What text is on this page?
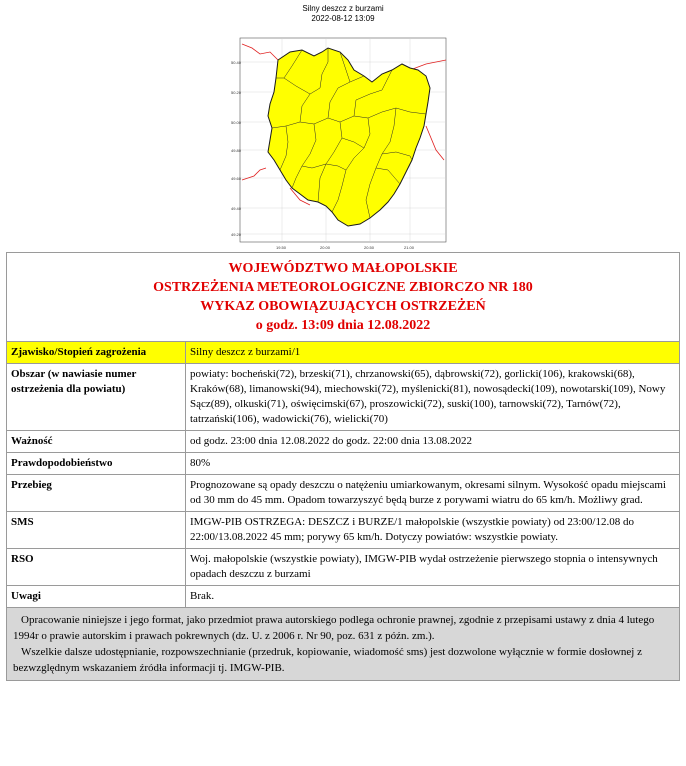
Silny deszcz z burzami
2022-08-12 13:09
50.40
50.20
50.00
49.80
49.60
49.40
49.20
19.50	20.00	20.50	21.00
WOJEWÓDZTWO MAŁOPOLSKIE
OSTRZEŻENIA METEOROLOGICZNE ZBIORCZO NR 180
WYKAZ OBOWIĄZUJĄCYCH OSTRZEŻEŃ
o godz. 13:09 dnia 12.08.2022	

Zjawisko/Stopień zagrożenia	Silny deszcz z burzami/1
Obszar (w nawiasie numer ostrzeżenia dla powiatu)	powiaty: bocheński(72), brzeski(71), chrzanowski(65), dąbrowski(72), gorlicki(106), krakowski(68), Kraków(68), limanowski(94), miechowski(72), myślenicki(81), nowosądecki(109), nowotarski(109), Nowy Sącz(89), olkuski(71), oświęcimski(67), proszowicki(72), suski(100), tarnowski(72), Tarnów(72), tatrzański(106), wadowicki(76), wielicki(70)
Ważność	od godz. 23:00 dnia 12.08.2022 do godz. 22:00 dnia 13.08.2022
Prawdopodobieństwo	80%
Przebieg	Prognozowane są opady deszczu o natężeniu umiarkowanym, okresami silnym. Wysokość opadu miejscami od 30 mm do 45 mm. Opadom towarzyszyć będą burze z porywami wiatru do 65 km/h. Możliwy grad.
SMS	IMGW-PIB OSTRZEGA: DESZCZ i BURZE/1 małopolskie (wszystkie powiaty) od 23:00/12.08 do 22:00/13.08.2022 45 mm; porywy 65 km/h. Dotyczy powiatów: wszystkie powiaty.
RSO	Woj. małopolskie (wszystkie powiaty), IMGW-PIB wydał ostrzeżenie pierwszego stopnia o intensywnych opadach deszczu z burzami
Uwagi	Brak.

Opracowanie niniejsze i jego format, jako przedmiot prawa autorskiego podlega ochronie prawnej, zgodnie z przepisami ustawy z dnia 4 lutego 1994r o prawie autorskim i prawach pokrewnych (dz. U. z 2006 r. Nr 90, poz. 631 z późn. zm.).

Wszelkie dalsze udostępnianie, rozpowszechnianie (przedruk, kopiowanie, wiadomość sms) jest dozwolone wyłącznie w formie dosłownej z bezwzględnym wskazaniem źródła informacji tj. IMGW-PIB.	
